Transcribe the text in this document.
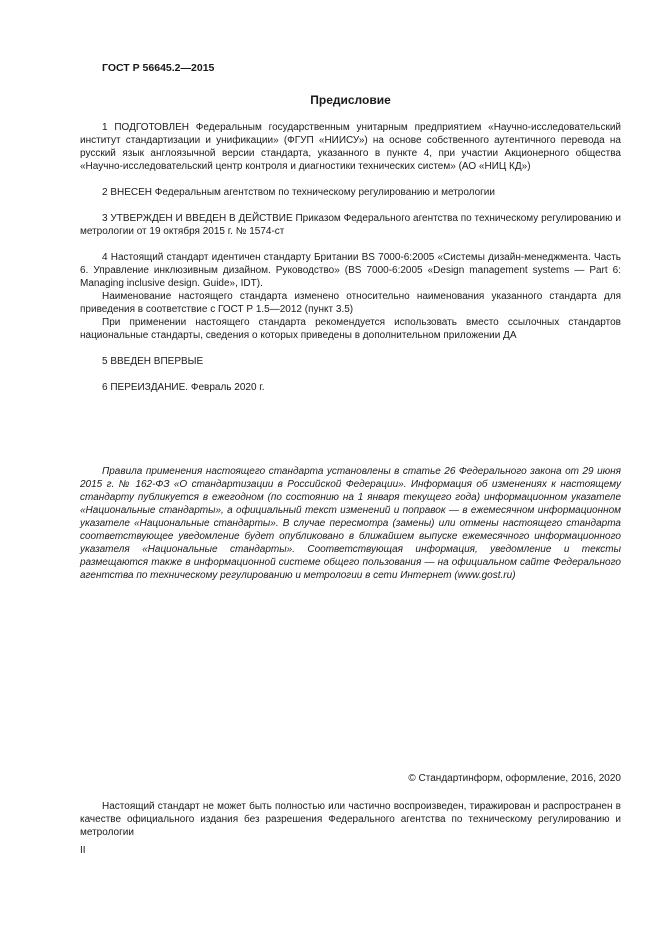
ГОСТ Р 56645.2—2015
Предисловие

1 ПОДГОТОВЛЕН Федеральным государственным унитарным предприятием «Научно-исследовательский институт стандартизации и унификации» (ФГУП «НИИСУ») на основе собственного аутентичного перевода на русский язык англоязычной версии стандарта, указанного в пункте 4, при участии Акционерного общества «Научно-исследовательский центр контроля и диагностики технических систем» (АО «НИЦ КД»)

2 ВНЕСЕН Федеральным агентством по техническому регулированию и метрологии

3 УТВЕРЖДЕН И ВВЕДЕН В ДЕЙСТВИЕ Приказом Федерального агентства по техническому регулированию и метрологии от 19 октября 2015 г. № 1574-ст

4 Настоящий стандарт идентичен стандарту Британии BS 7000-6:2005 «Системы дизайн-менеджмента. Часть 6. Управление инклюзивным дизайном. Руководство» (BS 7000-6:2005 «Design management systems — Part 6: Managing inclusive design. Guide», IDT).

Наименование настоящего стандарта изменено относительно наименования указанного стандарта для приведения в соответствие с ГОСТ Р 1.5—2012 (пункт 3.5)

При применении настоящего стандарта рекомендуется использовать вместо ссылочных стандартов национальные стандарты, сведения о которых приведены в дополнительном приложении ДА

5 ВВЕДЕН ВПЕРВЫЕ

6 ПЕРЕИЗДАНИЕ. Февраль 2020 г.

Правила применения настоящего стандарта установлены в статье 26 Федерального закона от 29 июня 2015 г. № 162-ФЗ «О стандартизации в Российской Федерации». Информация об изменениях к настоящему стандарту публикуется в ежегодном (по состоянию на 1 января текущего года) информационном указателе «Национальные стандарты», а официальный текст изменений и поправок — в ежемесячном информационном указателе «Национальные стандарты». В случае пересмотра (замены) или отмены настоящего стандарта соответствующее уведомление будет опубликовано в ближайшем выпуске ежемесячного информационного указателя «Национальные стандарты». Соответствующая информация, уведомление и тексты размещаются также в информационной системе общего пользования — на официальном сайте Федерального агентства по техническому регулированию и метрологии в сети Интернет (www.gost.ru)

© Стандартинформ, оформление, 2016, 2020

Настоящий стандарт не может быть полностью или частично воспроизведен, тиражирован и распространен в качестве официального издания без разрешения Федерального агентства по техническому регулированию и метрологии

II
